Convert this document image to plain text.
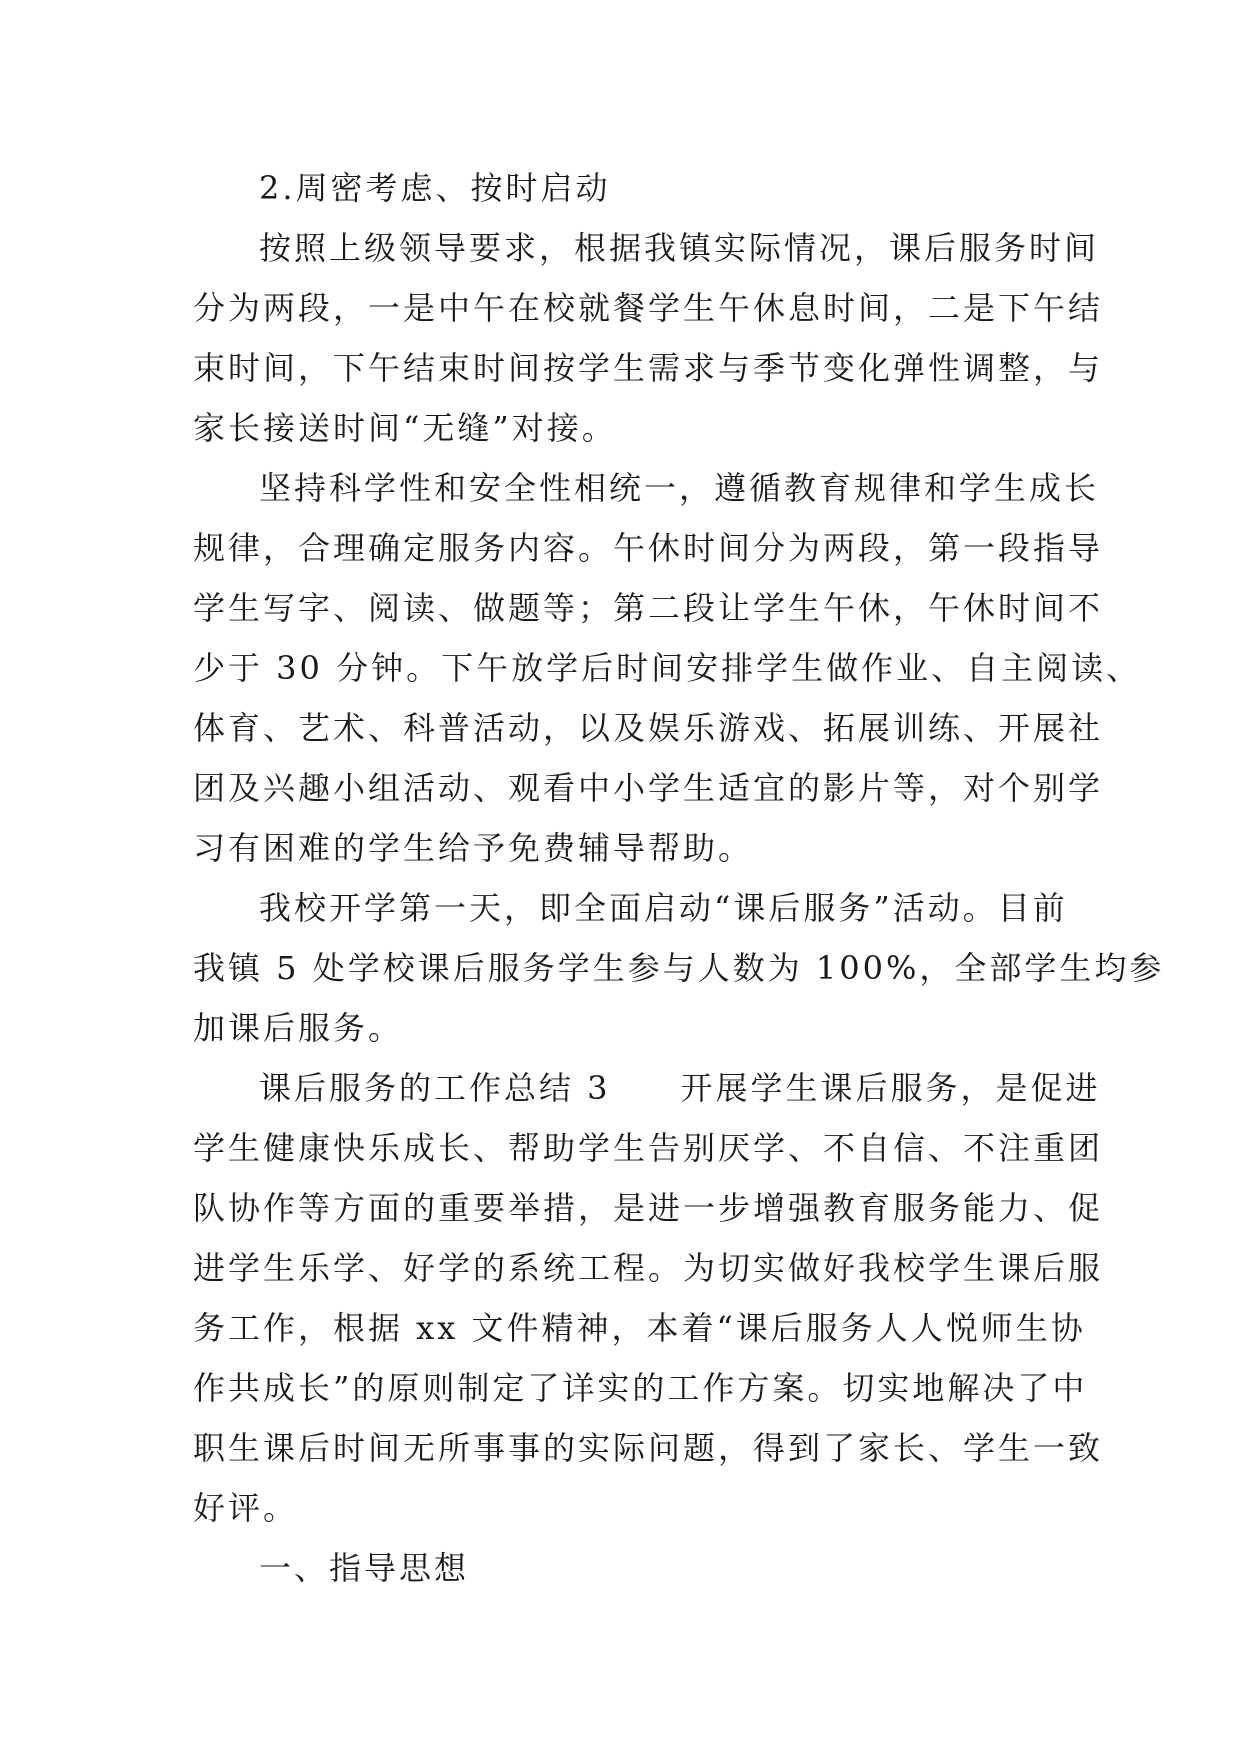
2.周密考虑、按时启动
按照上级领导要求，根据我镇实际情况，课后服务时间
分为两段，一是中午在校就餐学生午休息时间，二是下午结
束时间，下午结束时间按学生需求与季节变化弹性调整，与
家长接送时间“无缝”对接。
坚持科学性和安全性相统一，遵循教育规律和学生成长
规律，合理确定服务内容。午休时间分为两段，第一段指导
学生写字、阅读、做题等；第二段让学生午休，午休时间不
少于 30 分钟。下午放学后时间安排学生做作业、自主阅读、
体育、艺术、科普活动，以及娱乐游戏、拓展训练、开展社
团及兴趣小组活动、观看中小学生适宜的影片等，对个别学
习有困难的学生给予免费辅导帮助。
我校开学第一天，即全面启动“课后服务”活动。目前
我镇 5 处学校课后服务学生参与人数为 100%，全部学生均参
加课后服务。
课后服务的工作总结 3　　开展学生课后服务，是促进
学生健康快乐成长、帮助学生告别厌学、不自信、不注重团
队协作等方面的重要举措，是进一步增强教育服务能力、促
进学生乐学、好学的系统工程。为切实做好我校学生课后服
务工作，根据 xx 文件精神，本着“课后服务人人悦师生协
作共成长”的原则制定了详实的工作方案。切实地解决了中
职生课后时间无所事事的实际问题，得到了家长、学生一致
好评。
一、指导思想
